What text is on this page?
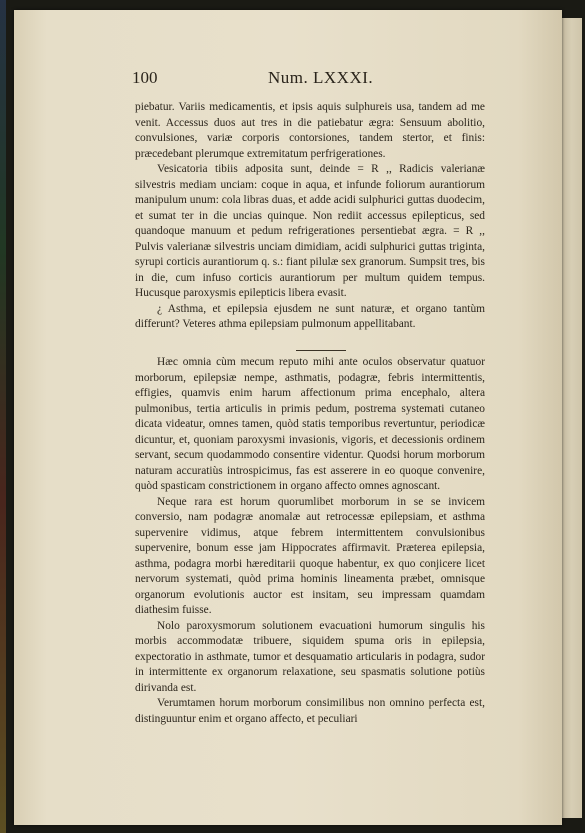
100	Num. LXXXI.

piebatur. Variis medicamentis, et ipsis aquis sulphureis usa, tandem ad me venit. Accessus duos aut tres in die patiebatur ægra: Sensuum abolitio, convulsiones, variæ corporis contorsiones, tandem stertor, et finis: præcedebant plerumque extremitatum perfrigerationes.

Vesicatoria tibiis adposita sunt, deinde = R ,, Radicis valerianæ silvestris mediam unciam: coque in aqua, et infunde foliorum aurantiorum manipulum unum: cola libras duas, et adde acidi sulphurici guttas duodecim, et sumat ter in die uncias quinque. Non rediit accessus epilepticus, sed quandoque manuum et pedum refrigerationes persentiebat ægra. = R ,, Pulvis valerianæ silvestris unciam dimidiam, acidi sulphurici guttas triginta, syrupi corticis aurantiorum q. s.: fiant pilulæ sex granorum. Sumpsit tres, bis in die, cum infuso corticis aurantiorum per multum quidem tempus. Hucusque paroxysmis epilepticis libera evasit.

¿ Asthma, et epilepsia ejusdem ne sunt naturæ, et organo tantùm differunt? Veteres athma epilepsiam pulmonum appellitabant.

Hæc omnia cùm mecum reputo mihi ante oculos observatur quatuor morborum, epilepsiæ nempe, asthmatis, podagræ, febris intermittentis, effigies, quamvis enim harum affectionum prima encephalo, altera pulmonibus, tertia articulis in primis pedum, postrema systemati cutaneo dicata videatur, omnes tamen, quòd statis temporibus revertuntur, periodicæ dicuntur, et, quoniam paroxysmi invasionis, vigoris, et decessionis ordinem servant, secum quodammodo consentire videntur. Quodsi horum morborum naturam accuratiùs introspicimus, fas est asserere in eo quoque convenire, quòd spasticam constrictionem in organo affecto omnes agnoscant.

Neque rara est horum quorumlibet morborum in se se invicem conversio, nam podagræ anomalæ aut retrocessæ epilepsiam, et asthma supervenire vidimus, atque febrem intermittentem convulsionibus supervenire, bonum esse jam Hippocrates affirmavit. Præterea epilepsia, asthma, podagra morbi hæreditarii quoque habentur, ex quo conjicere licet nervorum systemati, quòd prima hominis lineamenta præbet, omnisque organorum evolutionis auctor est insitam, seu impressam quamdam diathesim fuisse.

Nolo paroxysmorum solutionem evacuationi humorum singulis his morbis accommodatæ tribuere, siquidem spuma oris in epilepsia, expectoratio in asthmate, tumor et desquamatio articularis in podagra, sudor in intermittente ex organorum relaxatione, seu spasmatis solutione potiùs dirivanda est.

Verumtamen horum morborum consimilibus non omnino perfecta est, distinguuntur enim et organo affecto, et peculiari
